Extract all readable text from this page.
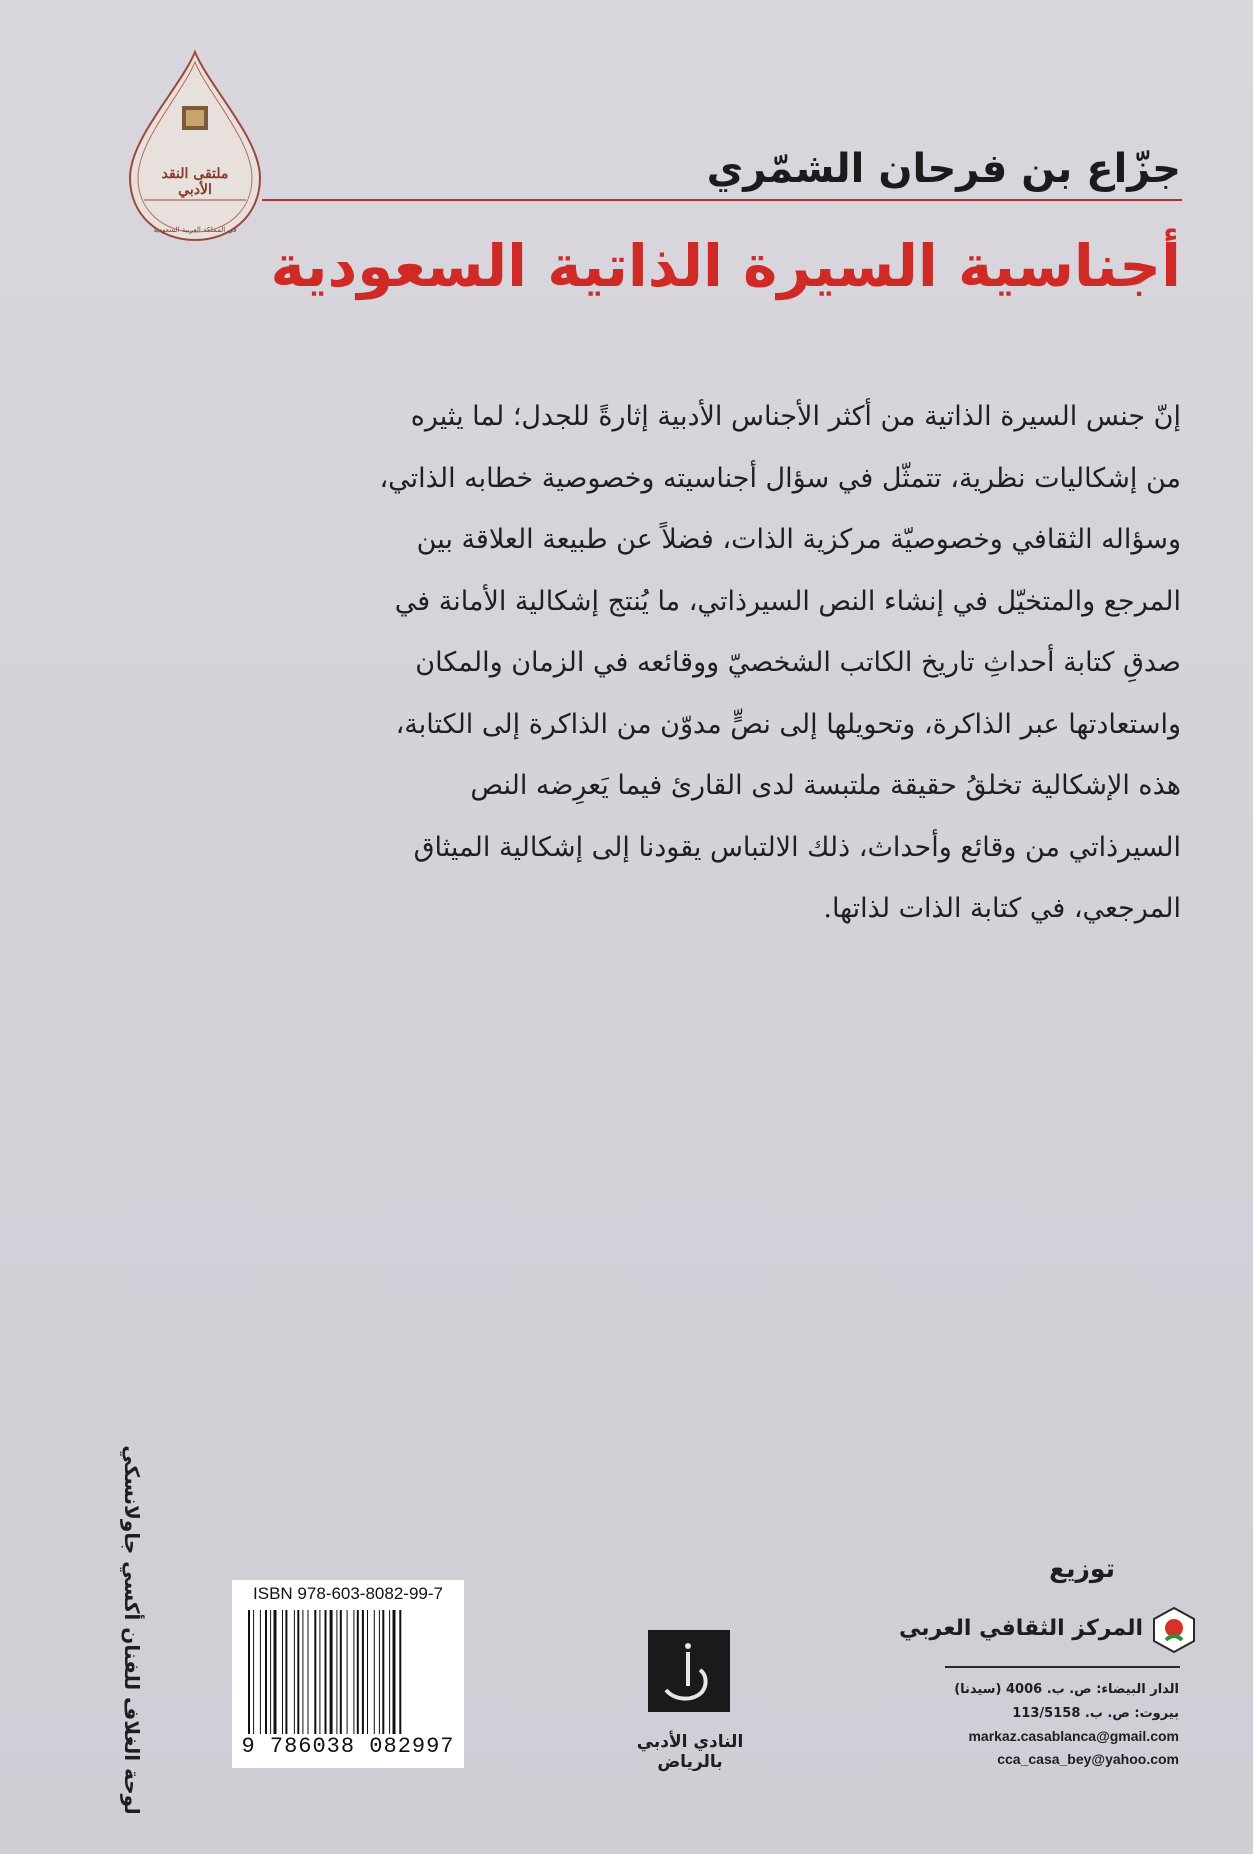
ملتقى النقد الأدبي
في المملكة العربية السعودية
جزّاع بن فرحان الشمّري
أجناسية السيرة الذاتية السعودية
إنّ جنس السيرة الذاتية من أكثر الأجناس الأدبية إثارةً للجدل؛ لما يثيره
من إشكاليات نظرية، تتمثّل في سؤال أجناسيته وخصوصية خطابه الذاتي،
وسؤاله الثقافي وخصوصيّة مركزية الذات، فضلاً عن طبيعة العلاقة بين
المرجع والمتخيّل في إنشاء النص السيرذاتي، ما يُنتج إشكالية الأمانة في
صدقِ كتابة أحداثِ تاريخ الكاتب الشخصيّ ووقائعه في الزمان والمكان
واستعادتها عبر الذاكرة، وتحويلها إلى نصٍّ مدوّن من الذاكرة إلى الكتابة،
هذه الإشكالية تخلقُ حقيقة ملتبسة لدى القارئ فيما يَعرِضه النص
السيرذاتي من وقائع وأحداث، ذلك الالتباس يقودنا إلى إشكالية الميثاق
المرجعي، في كتابة الذات لذاتها.
لوحة الغلاف للفنان أكسي جاولانسكي	ISBN 978-603-8082-99-7
9 786038 082997	النادي الأدبي بالرياض
توزيع
المركز الثقافي العربي
الدار البيضاء: ص. ب. 4006 (سيدنا)
بيروت: ص. ب. 113/5158
markaz.casablanca@gmail.com
cca_casa_bey@yahoo.com
